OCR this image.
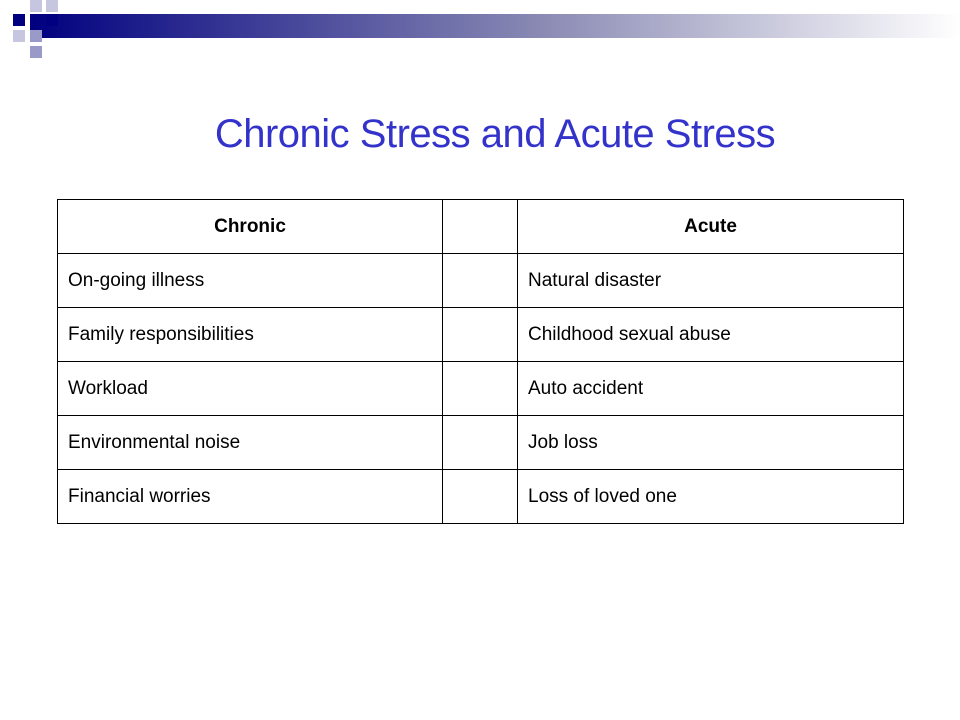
Chronic Stress and Acute Stress
Chronic		Acute
On-going illness		Natural disaster
Family responsibilities		Childhood sexual abuse
Workload		Auto accident
Environmental noise		Job loss
Financial worries		Loss of loved one
